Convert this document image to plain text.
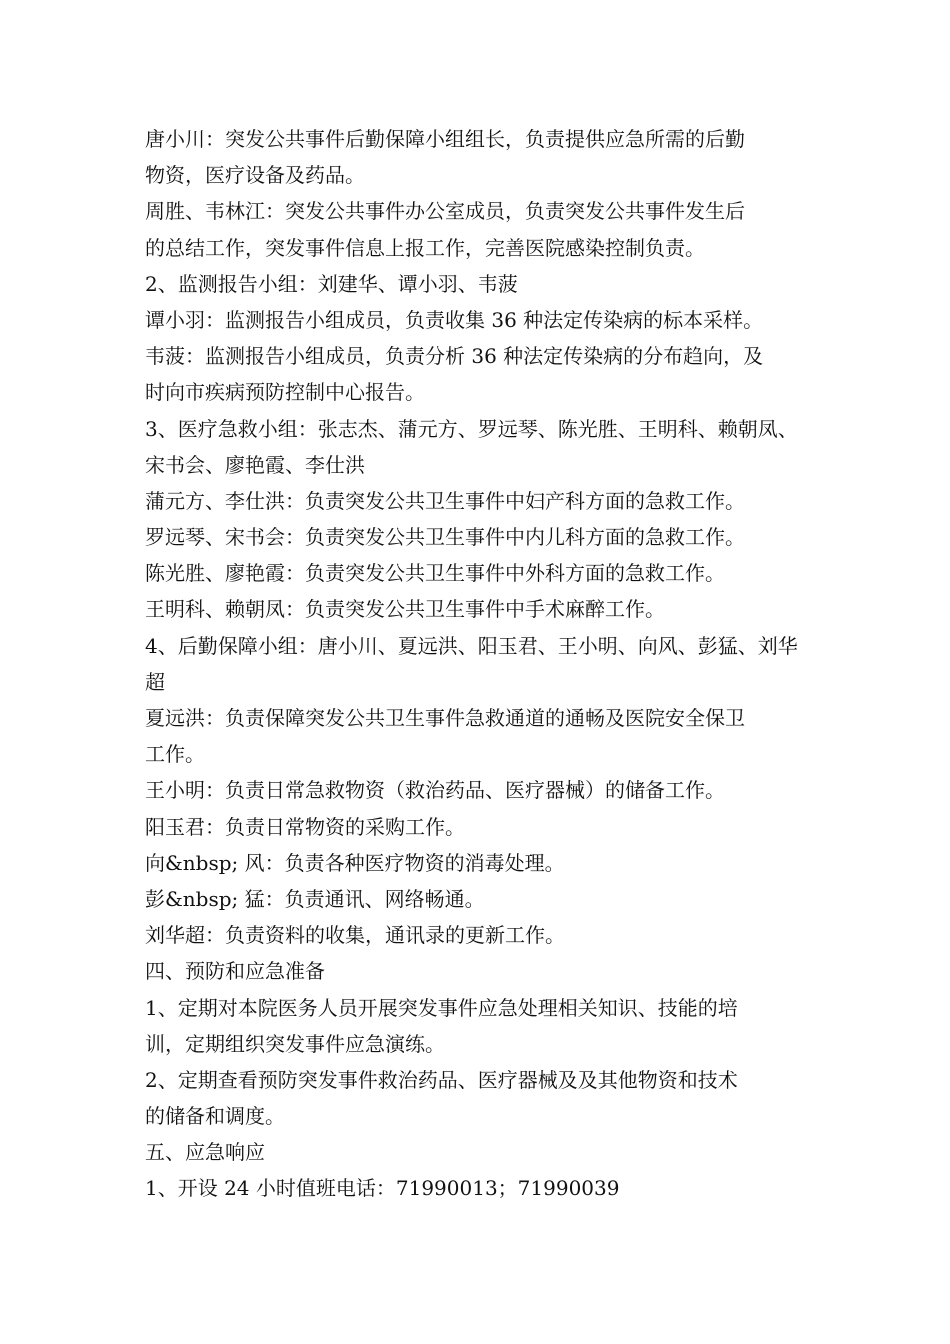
唐小川：突发公共事件后勤保障小组组长，负责提供应急所需的后勤
物资，医疗设备及药品。
周胜、韦林江：突发公共事件办公室成员，负责突发公共事件发生后
的总结工作，突发事件信息上报工作，完善医院感染控制负责。
2、监测报告小组：刘建华、谭小羽、韦菠
谭小羽：监测报告小组成员，负责收集 36 种法定传染病的标本采样。
韦菠：监测报告小组成员，负责分析 36 种法定传染病的分布趋向，及
时向市疾病预防控制中心报告。
3、医疗急救小组：张志杰、蒲元方、罗远琴、陈光胜、王明科、赖朝凤、
宋书会、廖艳霞、李仕洪
蒲元方、李仕洪：负责突发公共卫生事件中妇产科方面的急救工作。
罗远琴、宋书会：负责突发公共卫生事件中内儿科方面的急救工作。
陈光胜、廖艳霞：负责突发公共卫生事件中外科方面的急救工作。
王明科、赖朝凤：负责突发公共卫生事件中手术麻醉工作。
4、后勤保障小组：唐小川、夏远洪、阳玉君、王小明、向风、彭猛、刘华
超
夏远洪：负责保障突发公共卫生事件急救通道的通畅及医院安全保卫
工作。
王小明：负责日常急救物资（救治药品、医疗器械）的储备工作。
阳玉君：负责日常物资的采购工作。
向&nbsp; 风：负责各种医疗物资的消毒处理。
彭&nbsp; 猛：负责通讯、网络畅通。
刘华超：负责资料的收集，通讯录的更新工作。
四、预防和应急准备
1、定期对本院医务人员开展突发事件应急处理相关知识、技能的培
训，定期组织突发事件应急演练。
2、定期查看预防突发事件救治药品、医疗器械及及其他物资和技术
的储备和调度。
五、应急响应
1、开设 24 小时值班电话：71990013；71990039
